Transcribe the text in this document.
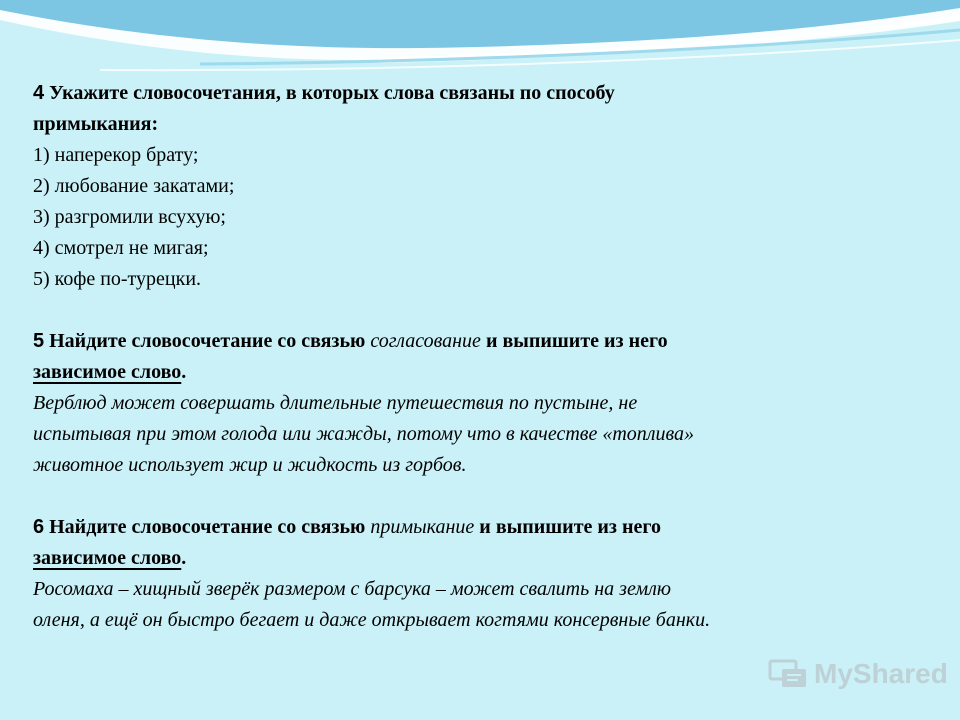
4 Укажите словосочетания, в которых слова связаны по способу
примыкания:
1) наперекор брату;
2) любование закатами;
3) разгромили всухую;
4) смотрел не мигая;
5) кофе по-турецки.
5 Найдите словосочетание со связью согласование и выпишите из него
зависимое слово.
Верблюд может совершать длительные путешествия по пустыне, не
испытывая при этом голода или жажды, потому что в качестве «топлива»
животное использует жир и жидкость из горбов.
6 Найдите словосочетание со связью примыкание и выпишите из него
зависимое слово.
Росомаха – хищный зверёк размером с барсука – может свалить на землю
оленя, а ещё он быстро бегает и даже открывает когтями консервные банки.
MyShared
